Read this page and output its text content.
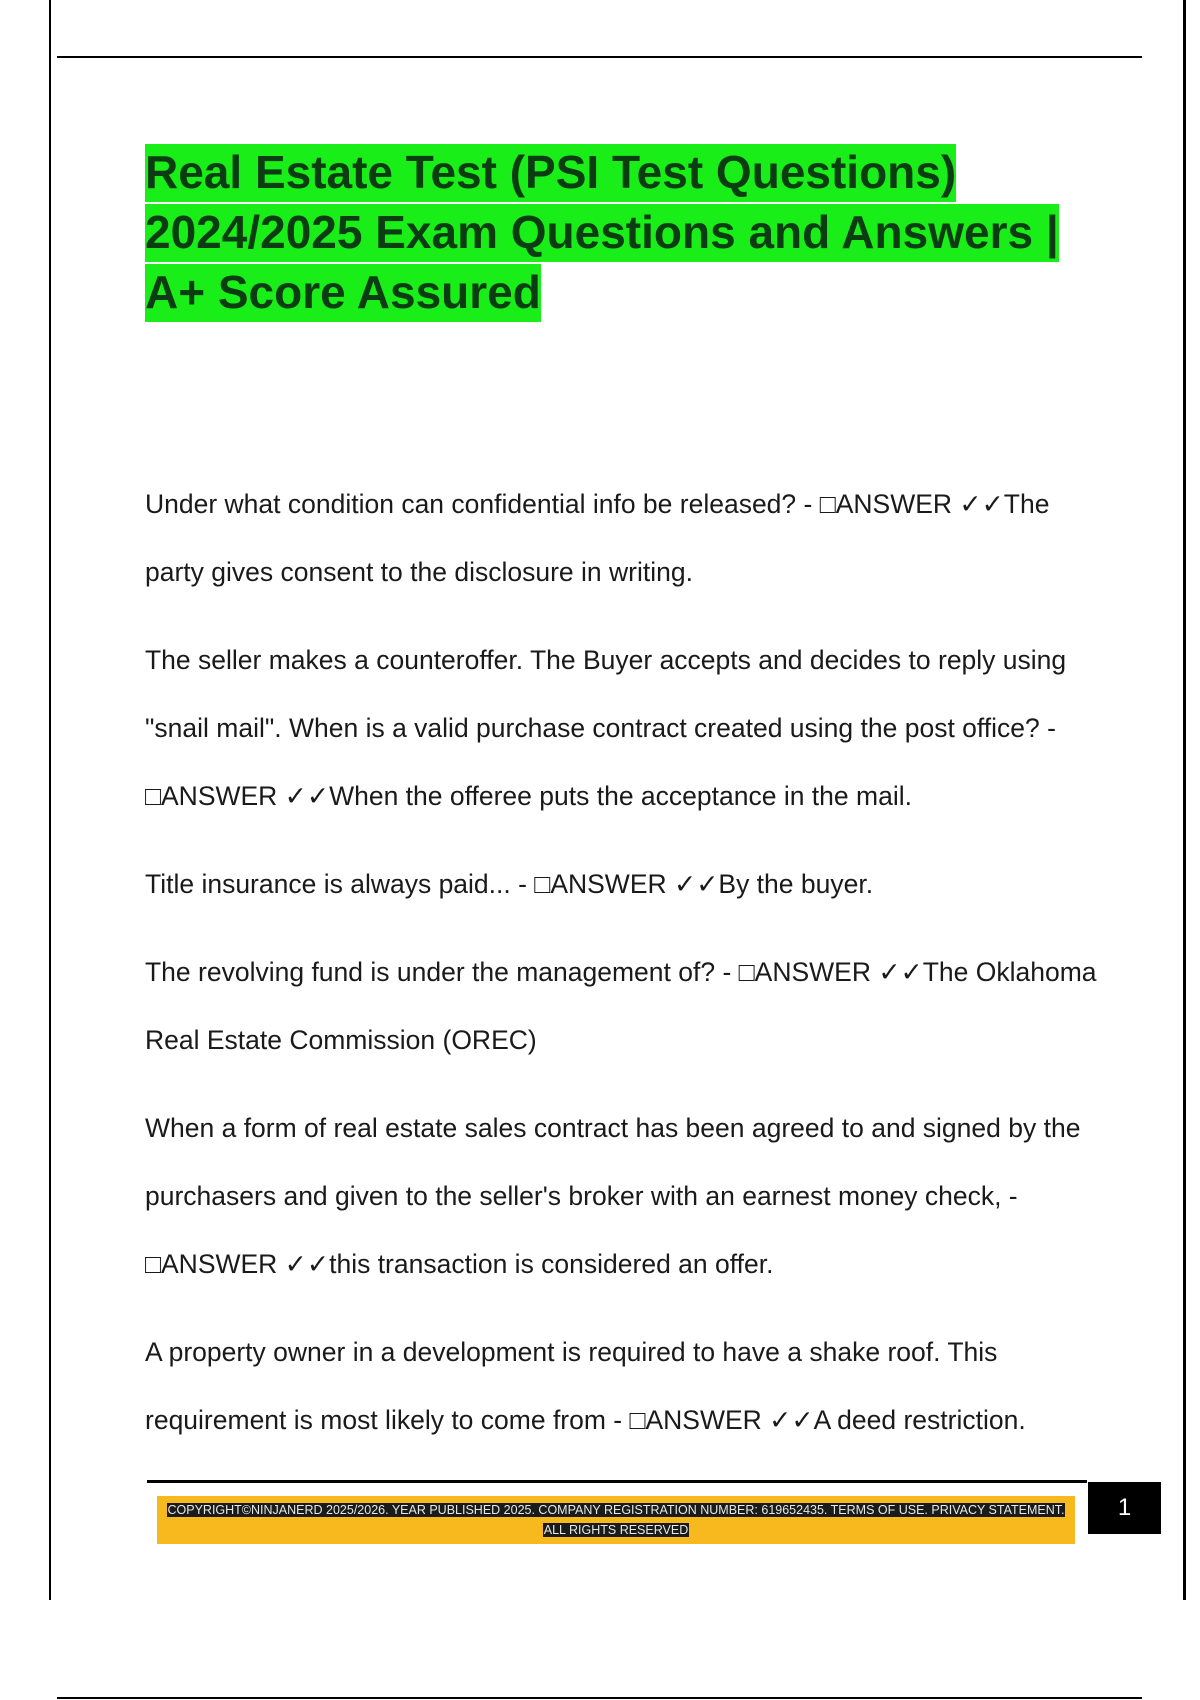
Real Estate Test (PSI Test Questions) 2024/2025 Exam Questions and Answers | A+ Score Assured

Under what condition can confidential info be released? - □ANSWER ✓✓The party gives consent to the disclosure in writing.

The seller makes a counteroffer. The Buyer accepts and decides to reply using "snail mail". When is a valid purchase contract created using the post office? - □ANSWER ✓✓When the offeree puts the acceptance in the mail.

Title insurance is always paid... - □ANSWER ✓✓By the buyer.

The revolving fund is under the management of? - □ANSWER ✓✓The Oklahoma Real Estate Commission (OREC)

When a form of real estate sales contract has been agreed to and signed by the purchasers and given to the seller's broker with an earnest money check, - □ANSWER ✓✓this transaction is considered an offer.

A property owner in a development is required to have a shake roof. This requirement is most likely to come from - □ANSWER ✓✓A deed restriction.

COPYRIGHT©NINJANERD 2025/2026. YEAR PUBLISHED 2025. COMPANY REGISTRATION NUMBER: 619652435. TERMS OF USE. PRIVACY STATEMENT. ALL RIGHTS RESERVED
1
